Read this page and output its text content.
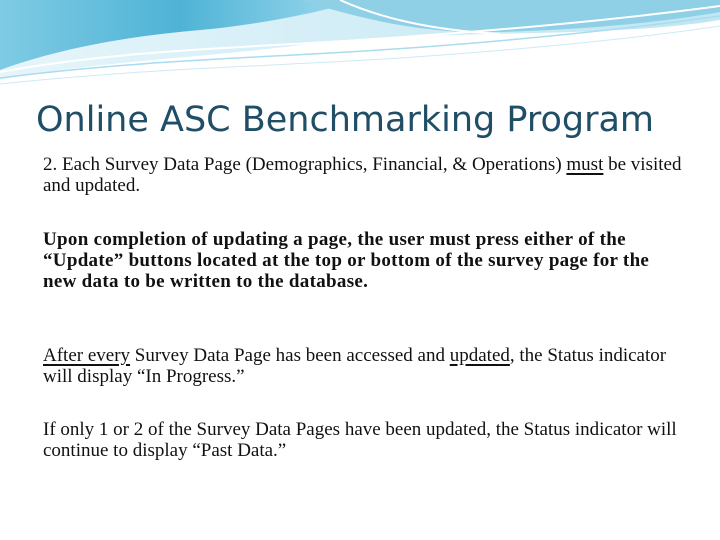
Online ASC Benchmarking Program

2. Each Survey Data Page (Demographics, Financial, & Operations) must be visited and updated.

Upon completion of updating a page, the user must press either of the “Update” buttons located at the top or bottom of the survey page for the new data to be written to the database.

After every Survey Data Page has been accessed and updated, the Status indicator will display “In Progress.”

If only 1 or 2 of the Survey Data Pages have been updated, the Status indicator will continue to display “Past Data.”
